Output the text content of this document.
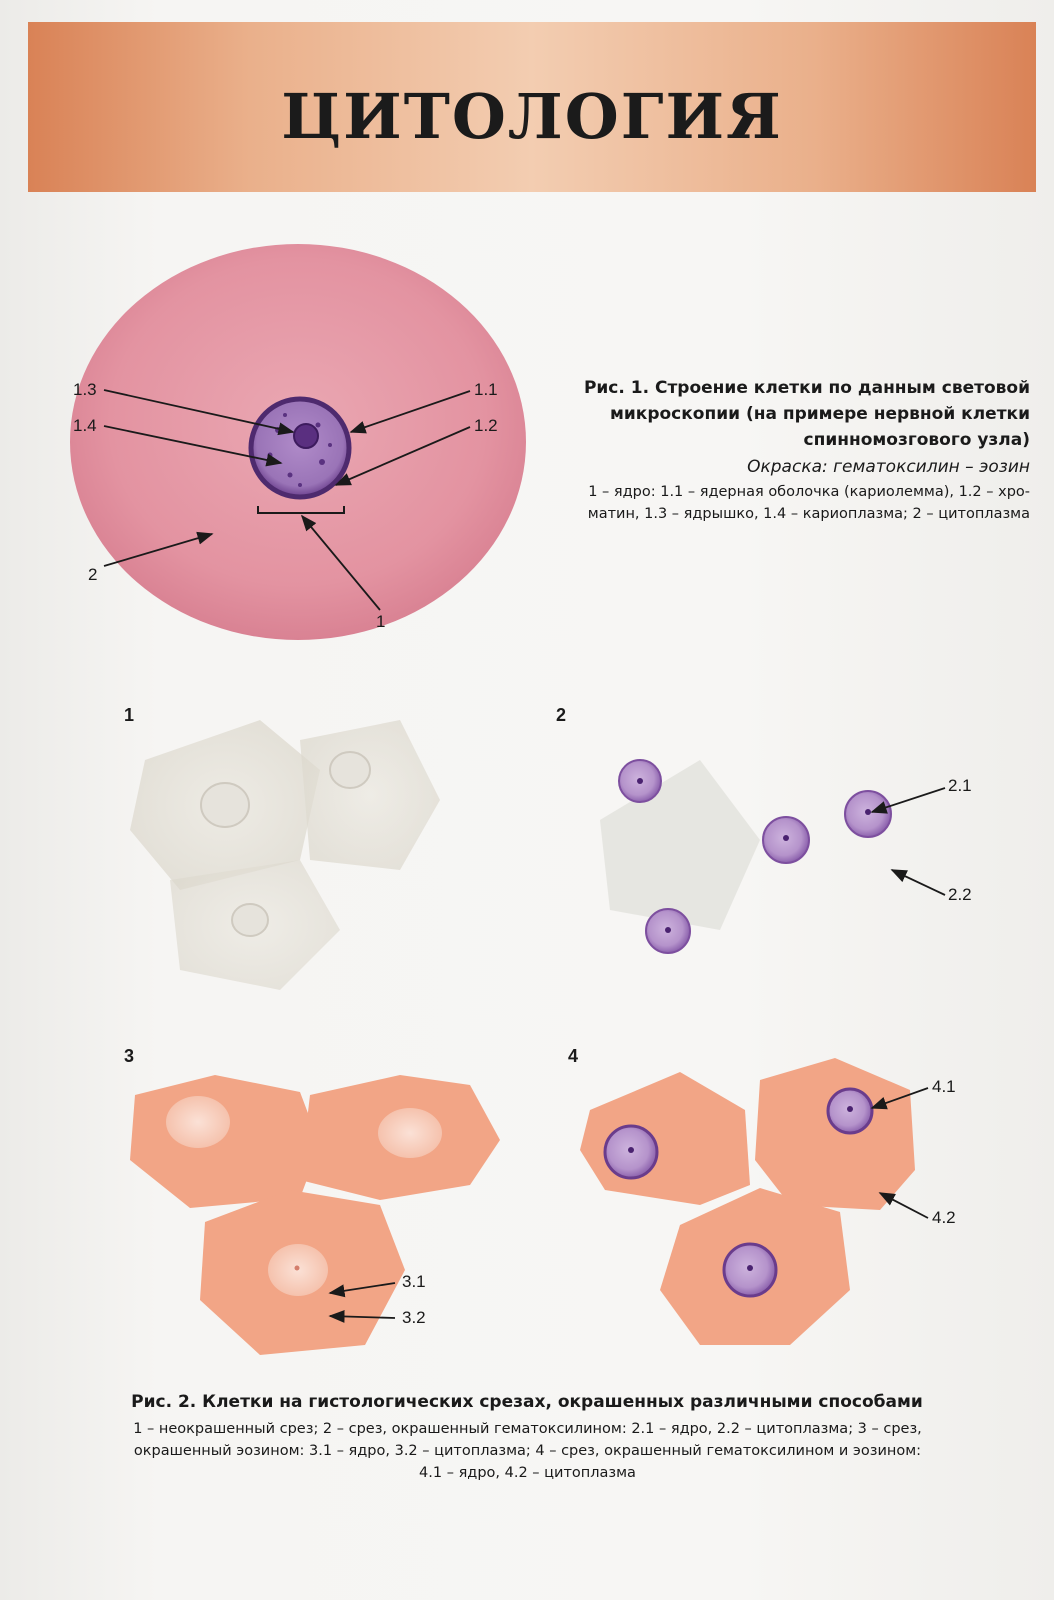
ЦИТОЛОГИЯ
1.3
1.4
2
1.1
1.2
1
Рис. 1. Строение клетки по данным световой
микроскопии (на примере нервной клетки
спинномозгового узла)
Окраска: гематоксилин – эозин
1 – ядро: 1.1 – ядерная оболочка (кариолемма), 1.2 – хро-
матин, 1.3 – ядрышко, 1.4 – кариоплазма; 2 – цитоплазма
1	2
3	4
2.1
2.2
3.1
3.2
4.1
4.2
Рис. 2. Клетки на гистологических срезах, окрашенных различными способами
1 – неокрашенный срез; 2 – срез, окрашенный гематоксилином: 2.1 – ядро, 2.2 – цитоплазма; 3 – срез,
окрашенный эозином: 3.1 – ядро, 3.2 – цитоплазма; 4 – срез, окрашенный гематоксилином и эозином:
4.1 – ядро, 4.2 – цитоплазма
